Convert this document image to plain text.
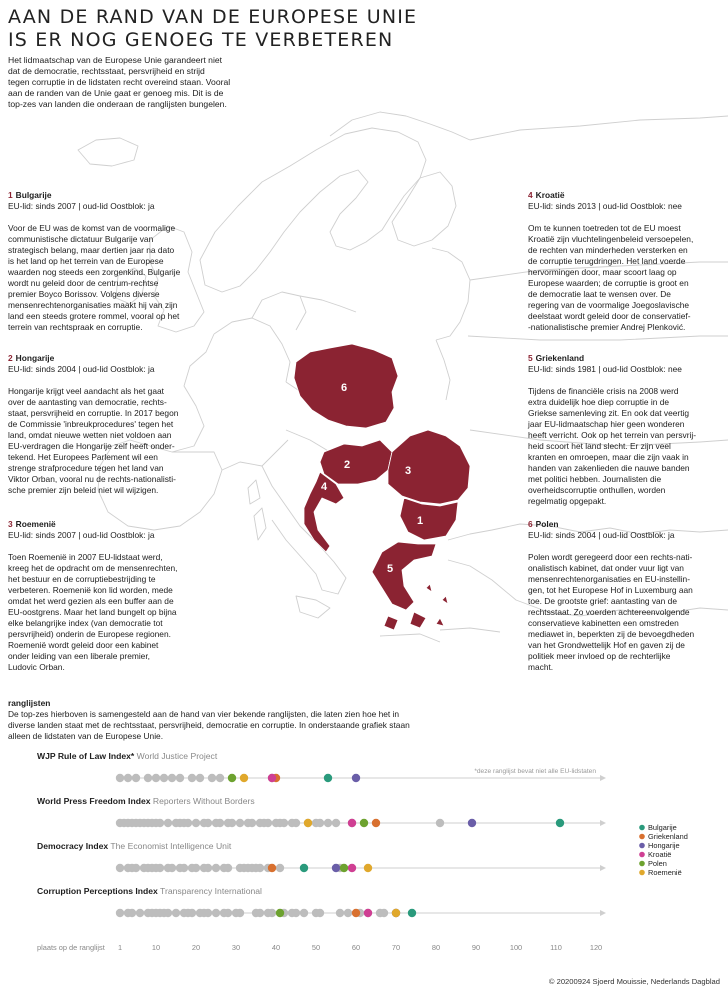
6
2	3
4
1
5
AAN DE RAND VAN DE EUROPESE UNIE
IS ER NOG GENOEG TE VERBETEREN

Het lidmaatschap van de Europese Unie garandeert niet
dat de democratie, rechtsstaat, persvrijheid en strijd
tegen corruptie in de lidstaten recht overeind staan. Vooral
aan de randen van de Unie gaat er genoeg mis. Dit is de
top-zes van landen die onderaan de ranglijsten bungelen.

1 Bulgarije
EU-lid: sinds 2007 | oud-lid Oostblok: ja
Voor de EU was de komst van de voormalige
communistische dictatuur Bulgarije van
strategisch belang, maar dertien jaar na dato
is het land op het terrein van de Europese
waarden nog steeds een zorgenkind. Bulgarije
wordt nu geleid door de centrum-rechtse
premier Boyco Borissov. Volgens diverse
mensenrechtenorganisaties maakt hij van zijn
land een steeds grotere rommel, vooral op het
terrein van rechtspraak en corruptie.
2 Hongarije
EU-lid: sinds 2004 | oud-lid Oostblok: ja
Hongarije krijgt veel aandacht als het gaat
over de aantasting van democratie, rechts-
staat, persvrijheid en corruptie. In 2017 begon
de Commissie 'inbreukprocedures' tegen het
land, omdat nieuwe wetten niet voldoen aan
EU-verdragen die Hongarije zelf heeft onder-
tekend. Het Europees Parlement wil een
strenge strafprocedure tegen het land van
Viktor Orban, vooral nu de rechts-nationalisti-
sche premier zijn beleid niet wil wijzigen.
3 Roemenië
EU-lid: sinds 2007 | oud-lid Oostblok: ja
Toen Roemenië in 2007 EU-lidstaat werd,
kreeg het de opdracht om de mensenrechten,
het bestuur en de corruptiebestrijding te
verbeteren. Roemenië kon lid worden, mede
omdat het werd gezien als een buffer aan de
EU-oostgrens. Maar het land bungelt op bijna
elke belangrijke index (van democratie tot
persvrijheid) onderin de Europese regionen.
Roemenië wordt geleid door een kabinet
onder leiding van een liberale premier,
Ludovic Orban.
4 Kroatië
EU-lid: sinds 2013 | oud-lid Oostblok: nee
Om te kunnen toetreden tot de EU moest
Kroatië zijn vluchtelingenbeleid versoepelen,
de rechten van minderheden versterken en
de corruptie terugdringen. Het land voerde
hervormingen door, maar scoort laag op
Europese waarden; de corruptie is groot en
de democratie laat te wensen over. De
regering van de voormalige Joegoslavische
deelstaat wordt geleid door de conservatief-
-nationalistische premier Andrej Plenković.
5 Griekenland
EU-lid: sinds 1981 | oud-lid Oostblok: nee
Tijdens de financiële crisis na 2008 werd
extra duidelijk hoe diep corruptie in de
Griekse samenleving zit. En ook dat veertig
jaar EU-lidmaatschap hier geen wonderen
heeft verricht. Ook op het terrein van persvrij-
heid scoort het land slecht. Er zijn veel
kranten en omroepen, maar die zijn vaak in
handen van zakenlieden die nauwe banden
met politici hebben. Journalisten die
overheidscorruptie onthullen, worden
regelmatig opgepakt.
6 Polen
EU-lid: sinds 2004 | oud-lid Oostblok: ja
Polen wordt geregeerd door een rechts-nati-
onalistisch kabinet, dat onder vuur ligt van
mensenrechtenorganisaties en EU-instellin-
gen, tot het Europese Hof in Luxemburg aan
toe. De grootste grief: aantasting van de
rechtsstaat. Zo voerden achtereenvolgende
conservatieve kabinetten een omstreden
mediawet in, beperkten zij de bevoegdheden
van het Grondwettelijk Hof en gaven zij de
politiek meer invloed op de rechterlijke
macht.
ranglijsten
De top-zes hierboven is samengesteld aan de hand van vier bekende ranglijsten, die laten zien hoe het in
diverse landen staat met de rechtsstaat, persvrijheid, democratie en corruptie. In onderstaande grafiek staan
alleen de lidstaten van de Europese Unie.
WJP Rule of Law Index* World Justice Project
*deze ranglijst bevat niet alle EU-lidstaten
World Press Freedom Index Reporters Without Borders
Democracy Index The Economist Intelligence Unit
Corruption Perceptions Index Transparency International
Bulgarije
Griekenland
Hongarije
Kroatië
Polen
Roemenië
plaats op de ranglijst 1	10	20	30	40	50	60	70	80	90	100	110	120
© 20200924 Sjoerd Mouissie, Nederlands Dagblad
